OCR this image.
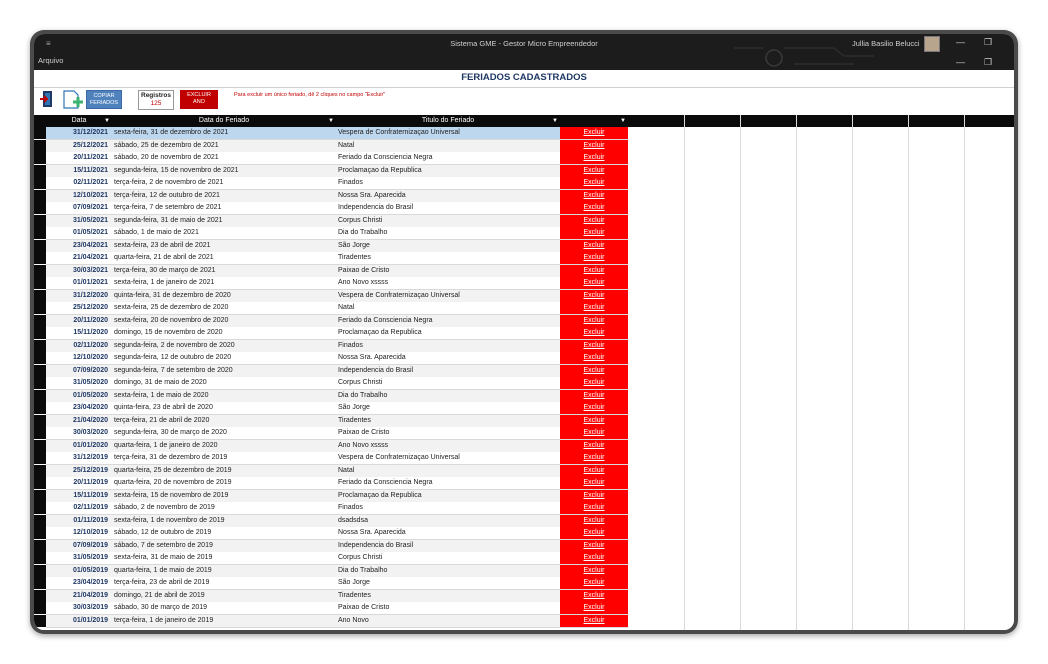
≡	Sistema GME - Gestor Micro Empreendedor
Arquivo
Jullia Basilio Belucci	— ❐
— ❐
FERIADOS CADASTRADOS
COPIAR
FERIADOS
Registros
125
EXCLUIR
ANO
Para excluir um único feriado, dê 2 cliques no campo "Excluir"
Data	▼	Data do Feriado	▼	Titulo do Feriado	▼	▼
31/12/2021 sexta-feira, 31 de dezembro de 2021	Vespera de Confraternizaçao Universal	Excluir
25/12/2021 sábado, 25 de dezembro de 2021	Natal	Excluir
20/11/2021 sábado, 20 de novembro de 2021	Feriado da Consciencia Negra	Excluir
15/11/2021 segunda-feira, 15 de novembro de 2021	Proclamaçao da Republica	Excluir
02/11/2021 terça-feira, 2 de novembro de 2021	Finados	Excluir
12/10/2021 terça-feira, 12 de outubro de 2021	Nossa Sra. Aparecida	Excluir
07/09/2021 terça-feira, 7 de setembro de 2021	Independencia do Brasil	Excluir
31/05/2021 segunda-feira, 31 de maio de 2021	Corpus Christi	Excluir
01/05/2021 sábado, 1 de maio de 2021	Dia do Trabalho	Excluir
23/04/2021 sexta-feira, 23 de abril de 2021	São Jorge	Excluir
21/04/2021 quarta-feira, 21 de abril de 2021	Tiradentes	Excluir
30/03/2021 terça-feira, 30 de março de 2021	Paixao de Cristo	Excluir
01/01/2021 sexta-feira, 1 de janeiro de 2021	Ano Novo xssss	Excluir
31/12/2020 quinta-feira, 31 de dezembro de 2020	Vespera de Confraternizaçao Universal	Excluir
25/12/2020 sexta-feira, 25 de dezembro de 2020	Natal	Excluir
20/11/2020 sexta-feira, 20 de novembro de 2020	Feriado da Consciencia Negra	Excluir
15/11/2020 domingo, 15 de novembro de 2020	Proclamaçao da Republica	Excluir
02/11/2020 segunda-feira, 2 de novembro de 2020	Finados	Excluir
12/10/2020 segunda-feira, 12 de outubro de 2020	Nossa Sra. Aparecida	Excluir
07/09/2020 segunda-feira, 7 de setembro de 2020	Independencia do Brasil	Excluir
31/05/2020 domingo, 31 de maio de 2020	Corpus Christi	Excluir
01/05/2020 sexta-feira, 1 de maio de 2020	Dia do Trabalho	Excluir
23/04/2020 quinta-feira, 23 de abril de 2020	São Jorge	Excluir
21/04/2020 terça-feira, 21 de abril de 2020	Tiradentes	Excluir
30/03/2020 segunda-feira, 30 de março de 2020	Paixao de Cristo	Excluir
01/01/2020 quarta-feira, 1 de janeiro de 2020	Ano Novo xssss	Excluir
31/12/2019 terça-feira, 31 de dezembro de 2019	Vespera de Confraternizaçao Universal	Excluir
25/12/2019 quarta-feira, 25 de dezembro de 2019	Natal	Excluir
20/11/2019 quarta-feira, 20 de novembro de 2019	Feriado da Consciencia Negra	Excluir
15/11/2019 sexta-feira, 15 de novembro de 2019	Proclamaçao da Republica	Excluir
02/11/2019 sábado, 2 de novembro de 2019	Finados	Excluir
01/11/2019 sexta-feira, 1 de novembro de 2019	dsadsdsa	Excluir
12/10/2019 sábado, 12 de outubro de 2019	Nossa Sra. Aparecida	Excluir
07/09/2019 sábado, 7 de setembro de 2019	Independencia do Brasil	Excluir
31/05/2019 sexta-feira, 31 de maio de 2019	Corpus Christi	Excluir
01/05/2019 quarta-feira, 1 de maio de 2019	Dia do Trabalho	Excluir
23/04/2019 terça-feira, 23 de abril de 2019	São Jorge	Excluir
21/04/2019 domingo, 21 de abril de 2019	Tiradentes	Excluir
30/03/2019 sábado, 30 de março de 2019	Paixao de Cristo	Excluir
01/01/2019 terça-feira, 1 de janeiro de 2019	Ano Novo	Excluir
